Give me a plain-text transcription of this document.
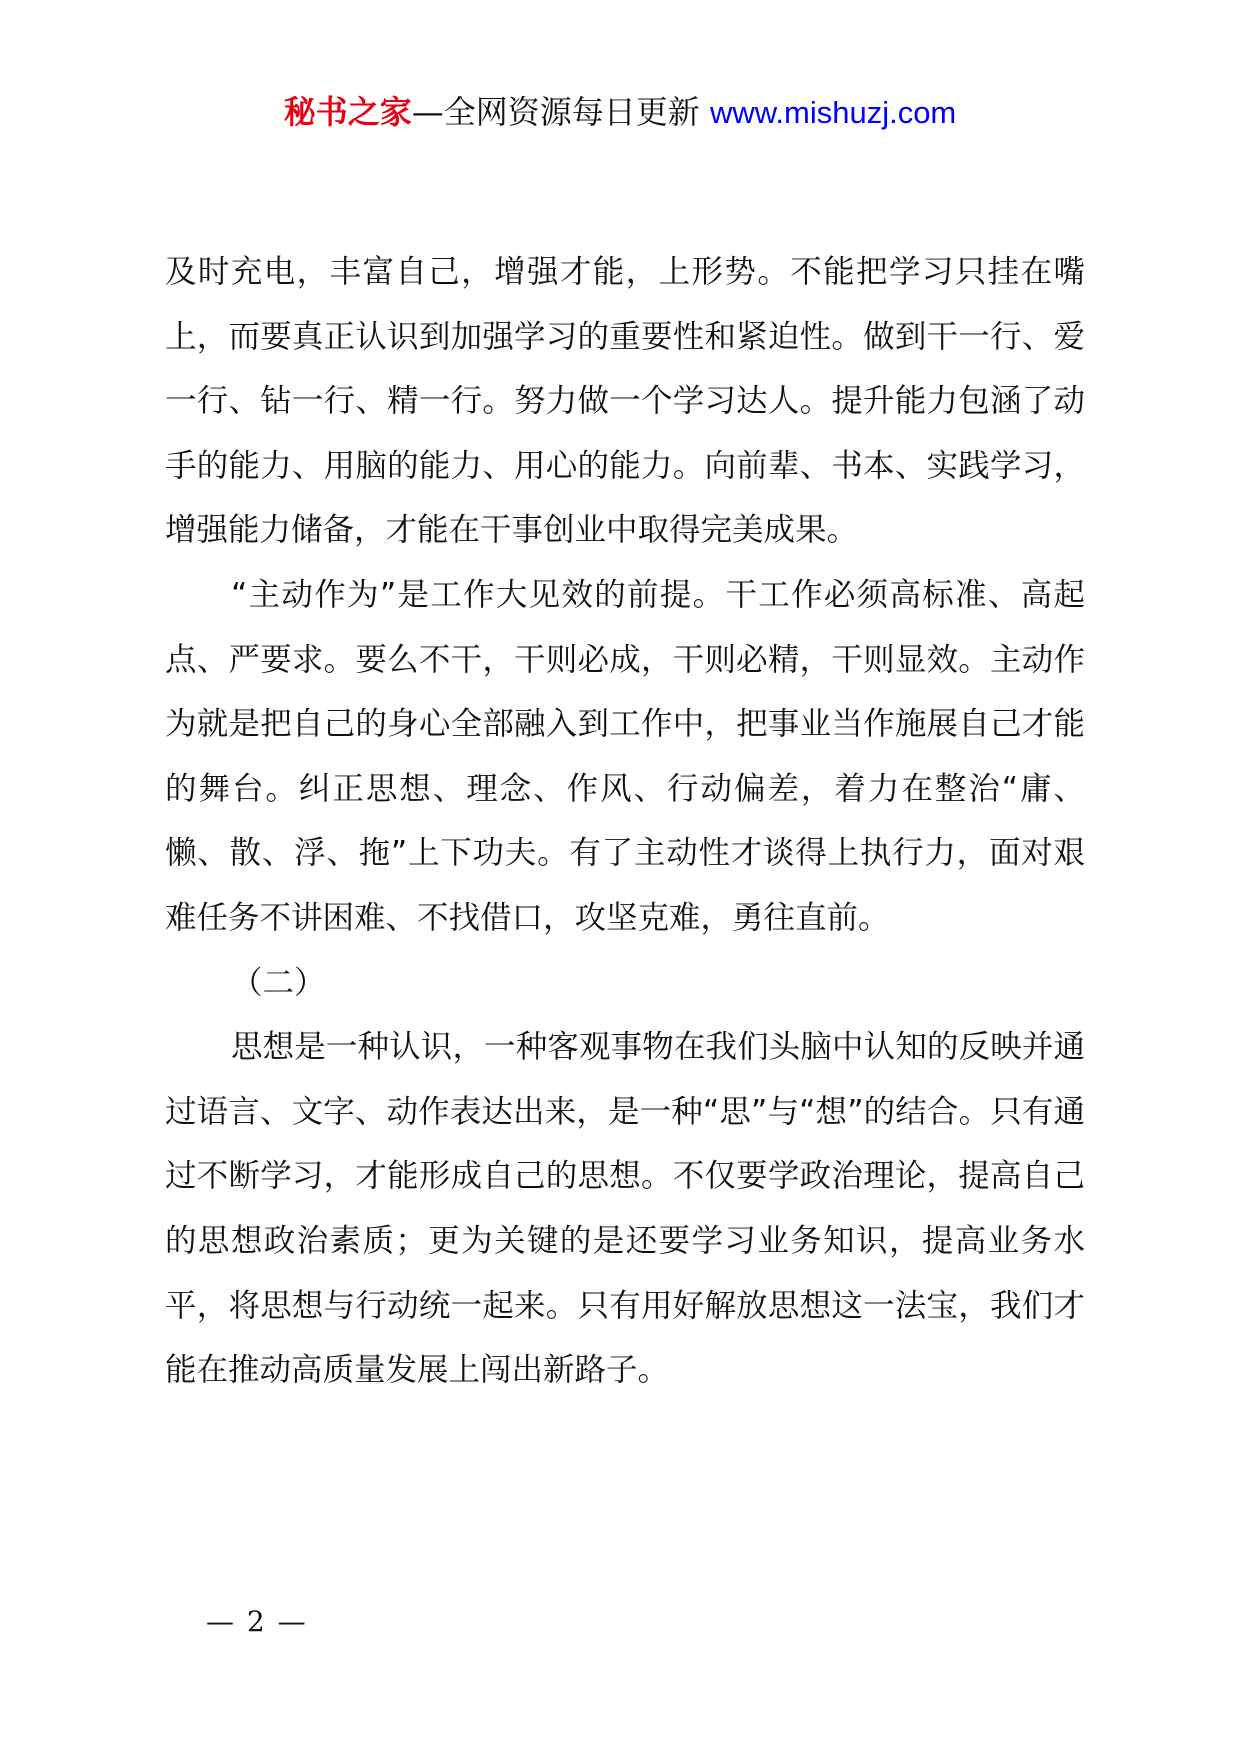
秘书之家—全网资源每日更新 www.mishuzj.com

及时充电，丰富自己，增强才能，上形势。不能把学习只挂在嘴上，而要真正认识到加强学习的重要性和紧迫性。做到干一行、爱一行、钻一行、精一行。努力做一个学习达人。提升能力包涵了动手的能力、用脑的能力、用心的能力。向前辈、书本、实践学习，增强能力储备，才能在干事创业中取得完美成果。

“主动作为”是工作大见效的前提。干工作必须高标准、高起点、严要求。要么不干，干则必成，干则必精，干则显效。主动作为就是把自己的身心全部融入到工作中，把事业当作施展自己才能的舞台。纠正思想、理念、作风、行动偏差，着力在整治“庸、懒、散、浮、拖”上下功夫。有了主动性才谈得上执行力，面对艰难任务不讲困难、不找借口，攻坚克难，勇往直前。

（二）

思想是一种认识，一种客观事物在我们头脑中认知的反映并通过语言、文字、动作表达出来，是一种“思”与“想”的结合。只有通过不断学习，才能形成自己的思想。不仅要学政治理论，提高自己的思想政治素质；更为关键的是还要学习业务知识，提高业务水平，将思想与行动统一起来。只有用好解放思想这一法宝，我们才能在推动高质量发展上闯出新路子。

— 2 —
